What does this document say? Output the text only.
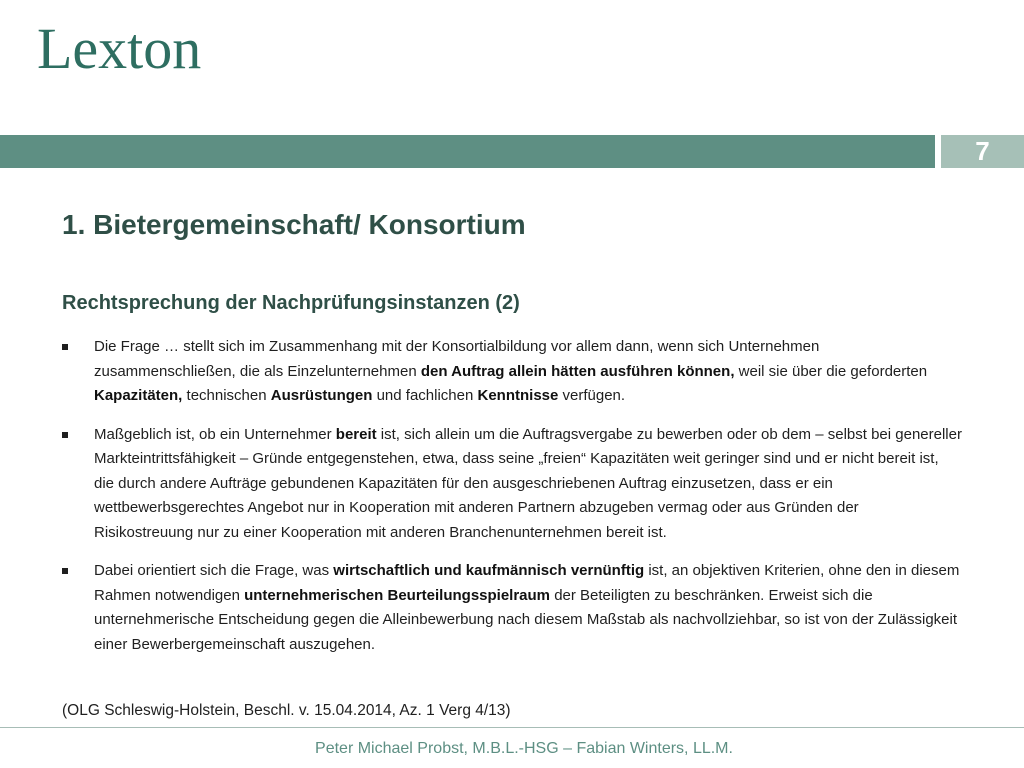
Lexton
7
1. Bietergemeinschaft/ Konsortium
Rechtsprechung der Nachprüfungsinstanzen (2)
Die Frage … stellt sich im Zusammenhang mit der Konsortialbildung vor allem dann, wenn sich Unternehmen zusammenschließen, die als Einzelunternehmen den Auftrag allein hätten ausführen können, weil sie über die geforderten Kapazitäten, technischen Ausrüstungen und fachlichen Kenntnisse verfügen.
Maßgeblich ist, ob ein Unternehmer bereit ist, sich allein um die Auftragsvergabe zu bewerben oder ob dem – selbst bei genereller Markteintrittsfähigkeit – Gründe entgegenstehen, etwa, dass seine „freien“ Kapazitäten weit geringer sind und er nicht bereit ist, die durch andere Aufträge gebundenen Kapazitäten für den ausgeschriebenen Auftrag einzusetzen, dass er ein wettbewerbsgerechtes Angebot nur in Kooperation mit anderen Partnern abzugeben vermag oder aus Gründen der Risikostreuung nur zu einer Kooperation mit anderen Branchenunternehmen bereit ist.
Dabei orientiert sich die Frage, was wirtschaftlich und kaufmännisch vernünftig ist, an objektiven Kriterien, ohne den in diesem Rahmen notwendigen unternehmerischen Beurteilungsspielraum der Beteiligten zu beschränken. Erweist sich die unternehmerische Entscheidung gegen die Alleinbewerbung nach diesem Maßstab als nachvollziehbar, so ist von der Zulässigkeit einer Bewerbergemeinschaft auszugehen.

(OLG Schleswig-Holstein, Beschl. v. 15.04.2014, Az. 1 Verg 4/13)

Peter Michael Probst, M.B.L.-HSG – Fabian Winters, LL.M.
